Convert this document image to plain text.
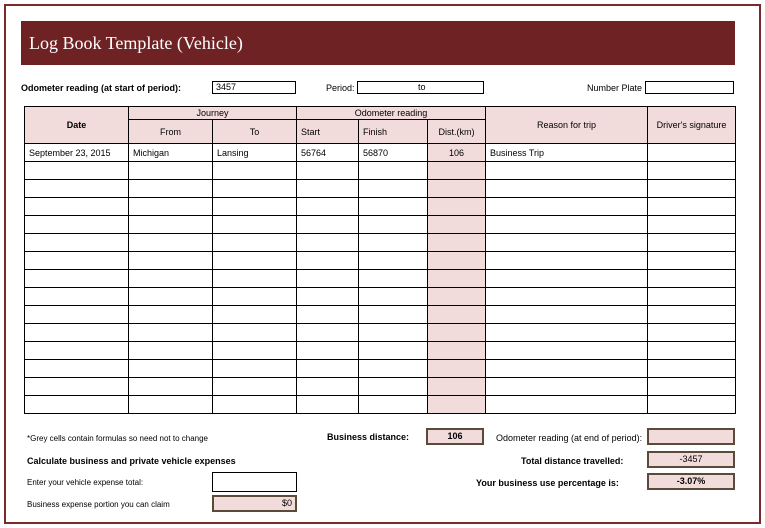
Log Book Template (Vehicle)
Odometer reading (at start of period):	3457	Period:	to	Number Plate
Date	Journey		Odometer reading			Reason for trip	Driver's signature
	From	To	Start	Finish	Dist.(km)		
September 23, 2015	Michigan	Lansing	56764	56870	106	Business Trip	

*Grey cells contain formulas so need not to change	Business distance:	106	Odometer reading (at end of period):
Calculate business and private vehicle expenses	Total distance travelled:	-3457
Enter your vehicle expense total:	Your business use percentage is:	-3.07%
Business expense portion you can claim	$0
